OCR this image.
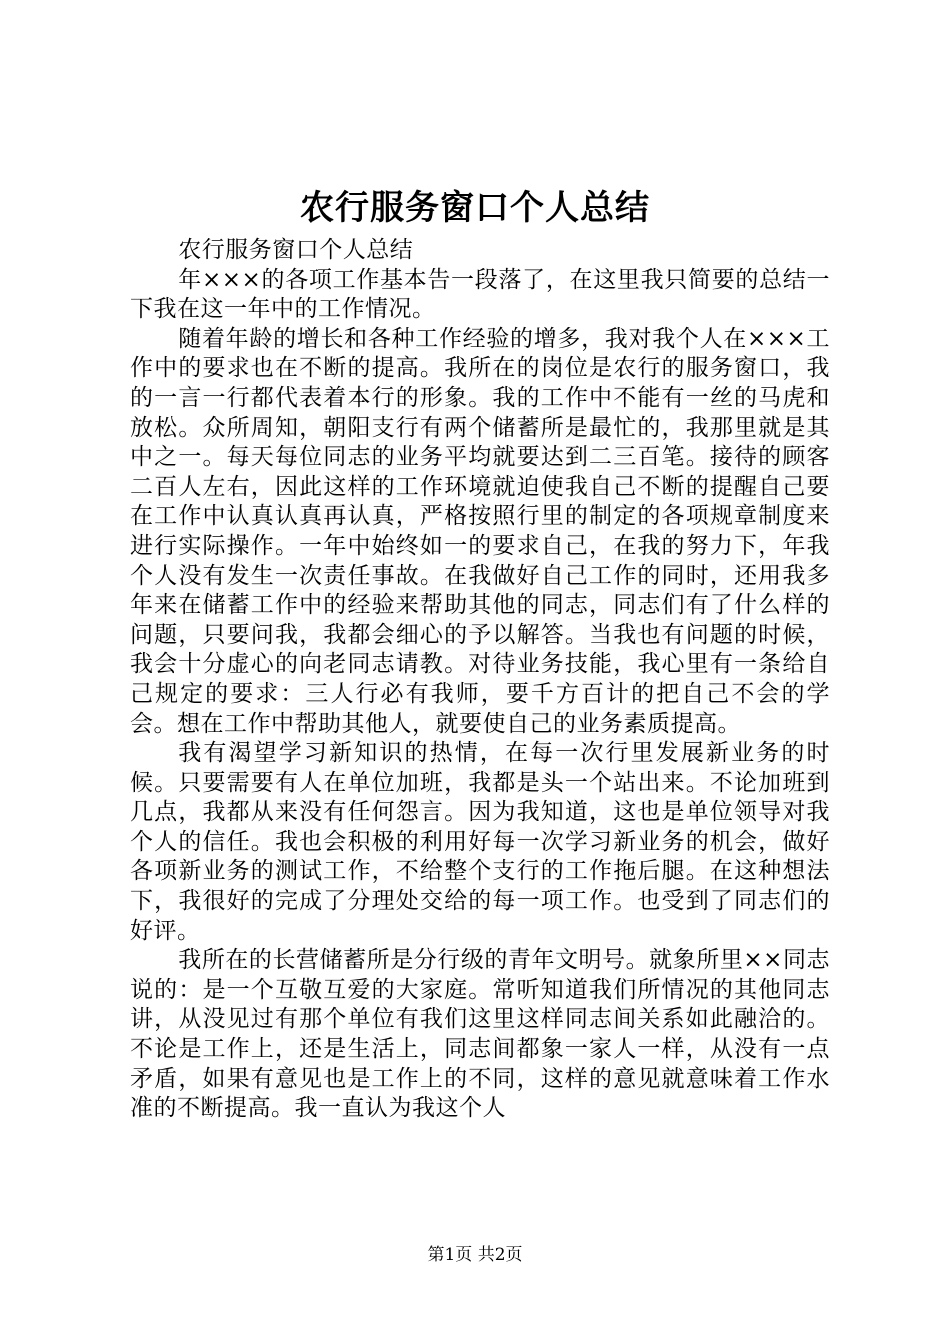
农行服务窗口个人总结

农行服务窗口个人总结

年×××的各项工作基本告一段落了，在这里我只简要的总结一下我在这一年中的工作情况。

随着年龄的增长和各种工作经验的增多，我对我个人在×××工作中的要求也在不断的提高。我所在的岗位是农行的服务窗口，我的一言一行都代表着本行的形象。我的工作中不能有一丝的马虎和放松。众所周知，朝阳支行有两个储蓄所是最忙的，我那里就是其中之一。每天每位同志的业务平均就要达到二三百笔。接待的顾客二百人左右，因此这样的工作环境就迫使我自己不断的提醒自己要在工作中认真认真再认真，严格按照行里的制定的各项规章制度来进行实际操作。一年中始终如一的要求自己，在我的努力下，年我个人没有发生一次责任事故。在我做好自己工作的同时，还用我多年来在储蓄工作中的经验来帮助其他的同志，同志们有了什么样的问题，只要问我，我都会细心的予以解答。当我也有问题的时候，我会十分虚心的向老同志请教。对待业务技能，我心里有一条给自己规定的要求：三人行必有我师，要千方百计的把自己不会的学会。想在工作中帮助其他人，就要使自己的业务素质提高。

我有渴望学习新知识的热情，在每一次行里发展新业务的时候。只要需要有人在单位加班，我都是头一个站出来。不论加班到几点，我都从来没有任何怨言。因为我知道，这也是单位领导对我个人的信任。我也会积极的利用好每一次学习新业务的机会，做好各项新业务的测试工作，不给整个支行的工作拖后腿。在这种想法下，我很好的完成了分理处交给的每一项工作。也受到了同志们的好评。

我所在的长营储蓄所是分行级的青年文明号。就象所里××同志说的：是一个互敬互爱的大家庭。常听知道我们所情况的其他同志讲，从没见过有那个单位有我们这里这样同志间关系如此融洽的。不论是工作上，还是生活上，同志间都象一家人一样，从没有一点矛盾，如果有意见也是工作上的不同，这样的意见就意味着工作水准的不断提高。我一直认为我这个人

第1页 共2页
